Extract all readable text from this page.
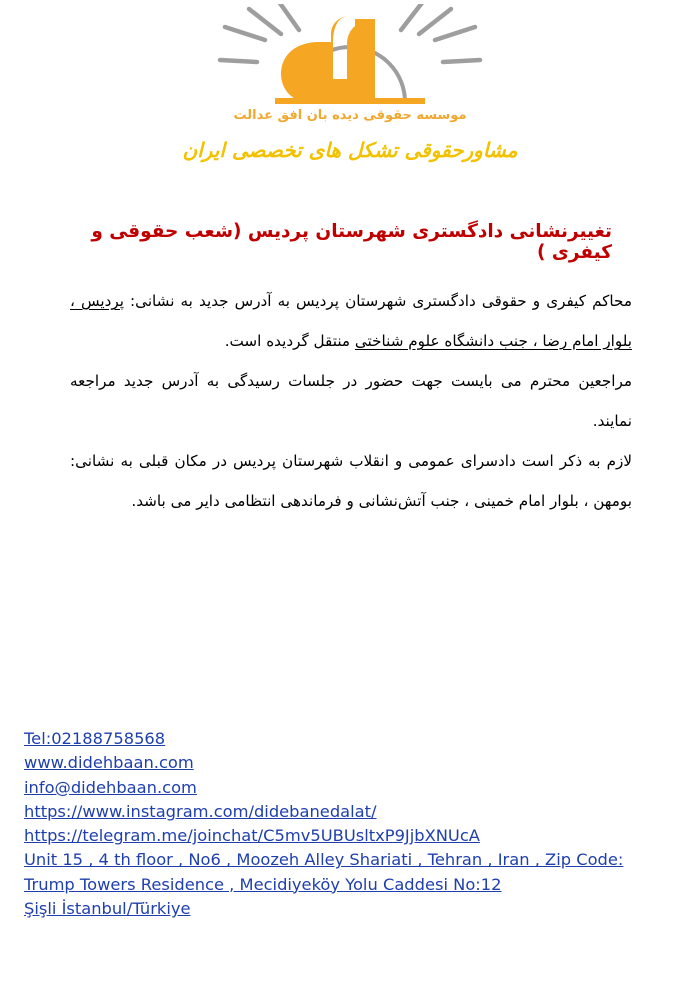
موسسه حقوقی دیده بان افق عدالت
مشاورحقوقی تشکل های تخصصی ایران
تغییرنشانی دادگستری شهرستان پردیس (شعب حقوقی و کیفری )

محاکم کیفری و حقوقی دادگستری شهرستان پردیس به آدرس جدید به نشانی: پردیس ، بلوار امام رضا ، جنب دانشگاه علوم شناختی منتقل گردیده است.

مراجعین محترم می بایست جهت حضور در جلسات رسیدگی به آدرس جدید مراجعه نمایند.

لازم به ذکر است دادسرای عمومی و انقلاب شهرستان پردیس در مکان قبلی به نشانی: بومهن ، بلوار امام خمینی ، جنب آتش‌نشانی و فرماندهی انتظامی دایر می باشد.

Tel:02188758568
www.didehbaan.com
info@didehbaan.com
https://www.instagram.com/didebanedalat/
https://telegram.me/joinchat/C5mv5UBUsltxP9JjbXNUcA
Unit 15 , 4 th floor , No6 , Moozeh Alley Shariati , Tehran , Iran , Zip Code:
Trump Towers Residence , Mecidiyeköy Yolu Caddesi No:12
Şişli İstanbul/Türkiye
